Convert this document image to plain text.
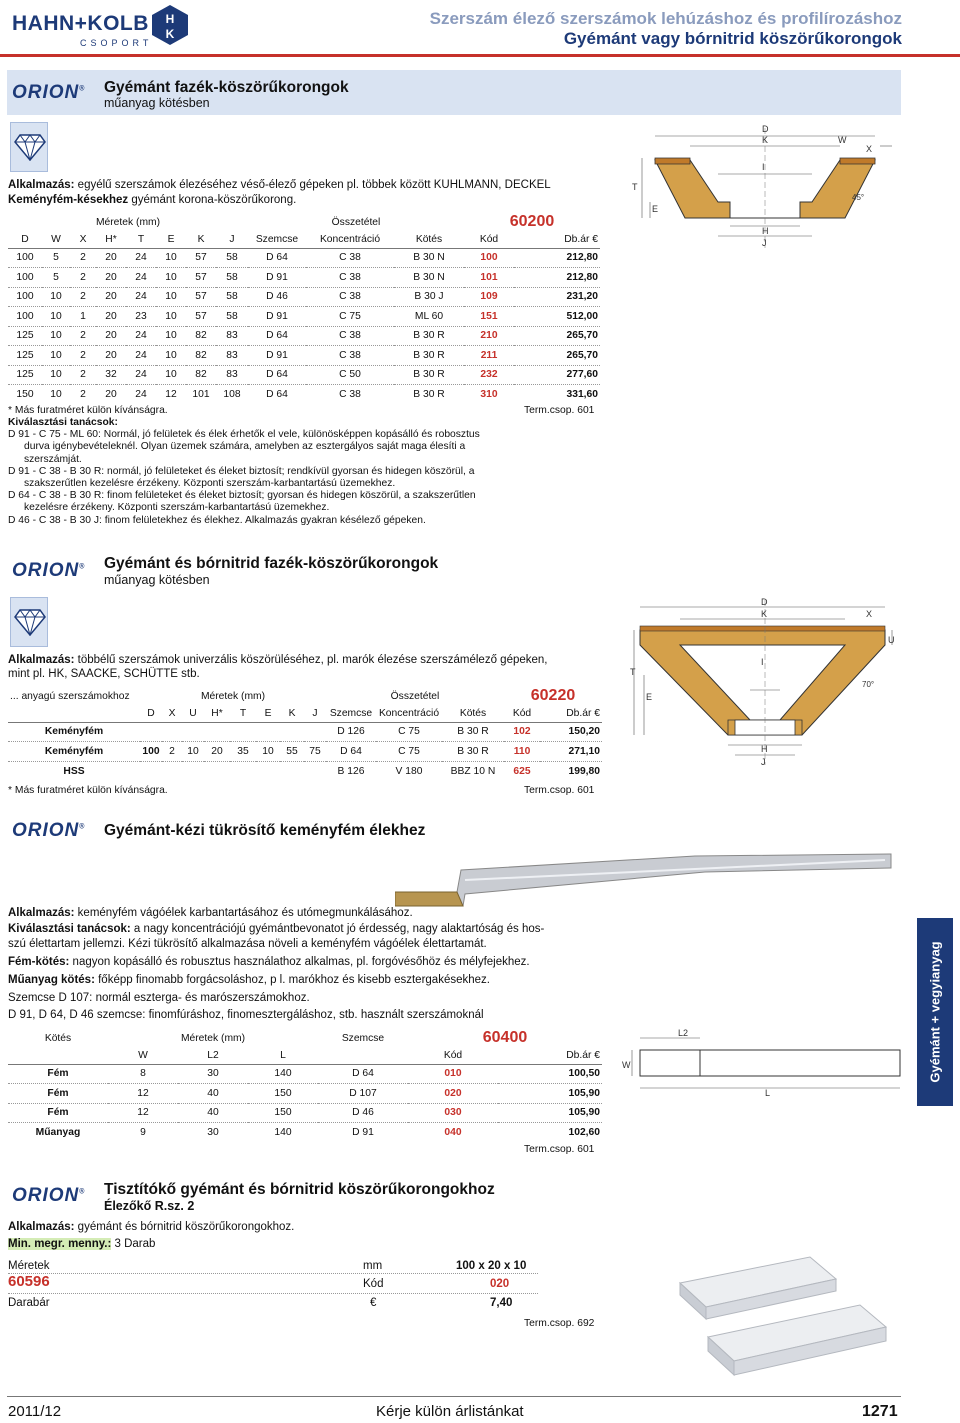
HAHN+KOLB
CSOPORT
H
K
Szerszám élező szerszámok lehúzáshoz és profilírozáshoz
Gyémánt vagy bórnitrid köszörűkorongok
ORION® Gyémánt fazék-köszörűkorongok
műanyag kötésben
Alkalmazás: egyélű szerszámok élezéséhez véső-élező gépeken pl. többek között KUHLMANN, DECKEL
Keményfém-késekhez gyémánt korona-köszörűkorong.
Méretek (mm)								Összetétel			60200	
D	W	X	H*	T	E	K	J	Szemcse	Koncentráció	Kötés	Kód	Db.ár €
100	5	2	20	24	10	57	58	D 64	C 38	B 30 N	100	212,80
100	5	2	20	24	10	57	58	D 91	C 38	B 30 N	101	212,80
100	10	2	20	24	10	57	58	D 46	C 38	B 30 J	109	231,20
100	10	1	20	23	10	57	58	D 91	C 75	ML 60	151	512,00
125	10	2	20	24	10	82	83	D 64	C 38	B 30 R	210	265,70
125	10	2	20	24	10	82	83	D 91	C 38	B 30 R	211	265,70
125	10	2	32	24	10	82	83	D 64	C 50	B 30 R	232	277,60
150	10	2	20	24	12	101	108	D 64	C 38	B 30 R	310	331,60
* Más furatméret külön kívánságra.	Term.csop. 601
Kiválasztási tanácsok:
D 91 - C 75 - ML 60: Normál, jó felületek és élek érhetők el vele, különösképpen kopásálló és robosztus
durva igénybevételeknél. Olyan üzemek számára, amelyben az esztergályos saját maga élesíti a
szerszámját.
D 91 - C 38 - B 30 R: normál, jó felületeket és éleket biztosít; rendkívül gyorsan és hidegen köszörül, a
szakszerűtlen kezelésre érzékeny. Központi szerszám-karbantartású üzemekhez.
D 64 - C 38 - B 30 R: finom felületeket és éleket biztosít; gyorsan és hidegen köszörül, a szakszerűtlen
kezelésre érzékeny. Központi szerszám-karbantartású üzemekhez.
D 46 - C 38 - B 30 J: finom felületekhez és élekhez. Alkalmazás gyakran késélező gépeken.
D
K	W
X
T
E
I
H
J
45°
ORION® Gyémánt és bórnitrid fazék-köszörűkorongok
műanyag kötésben
Alkalmazás: többélű szerszámok univerzális köszörüléséhez, pl. marók élezése szerszámélező gépeken,
mint pl. HK, SAACKE, SCHÜTTE stb.
... anyagú szerszámokhoz	Méretek (mm)								Összetétel			60220	
	D	X	U	H*	T	E	K	J	Szemcse	Koncentráció	Kötés	Kód	Db.ár €
Keményfém									D 126	C 75	B 30 R	102	150,20
Keményfém	100	2	10	20	35	10	55	75	D 64	C 75	B 30 R	110	271,10
HSS									B 126	V 180	BBZ 10 N	625	199,80
* Más furatméret külön kívánságra.	Term.csop. 601
D
K	X
U
T
E
I
H
J
70°
ORION® Gyémánt-kézi tükrösítő keményfém élekhez
Alkalmazás: keményfém vágóélek karbantartásához és utómegmunkálásához.
Kiválasztási tanácsok: a nagy koncentrációjú gyémántbevonatot jó érdesség, nagy alaktartóság és hos-
szú élettartam jellemzi. Kézi tükrösítő alkalmazása növeli a keményfém vágóélek élettartamát.
Fém-kötés: nagyon kopásálló és robusztus használathoz alkalmas, pl. forgóvésőhöz és mélyfejekhez.
Műanyag kötés: főképp finomabb forgácsoláshoz, p l. marókhoz és kisebb esztergakésekhez.
Szemcse D 107: normál esztergа- és marószerszámokhoz.
D 91, D 64, D 46 szemcse: finomfúráshoz, finomesztergáláshoz, stb. használt szerszámoknál
Kötés	Méretek (mm)			Szemcse	60400	
	W	L2	L		Kód	Db.ár €
Fém	8	30	140	D 64	010	100,50
Fém	12	40	150	D 107	020	105,90
Fém	12	40	150	D 46	030	105,90
Műanyag	9	30	140	D 91	040	102,60
Term.csop. 601
W
L2
L
ORION® Tisztítókő gyémánt és bórnitrid köszörűkorongokhoz
Élezőkő R.sz. 2
Alkalmazás: gyémánt és bórnitrid köszörűkorongokhoz.
Min. megr. menny.: 3 Darab
Méretek	mm	100 x 20 x 10
60596	Kód	020
Darabár	€	7,40
Term.csop. 692
Gyémánt + vegyianyag
2011/12	Kérje külön árlistánkat	1271
